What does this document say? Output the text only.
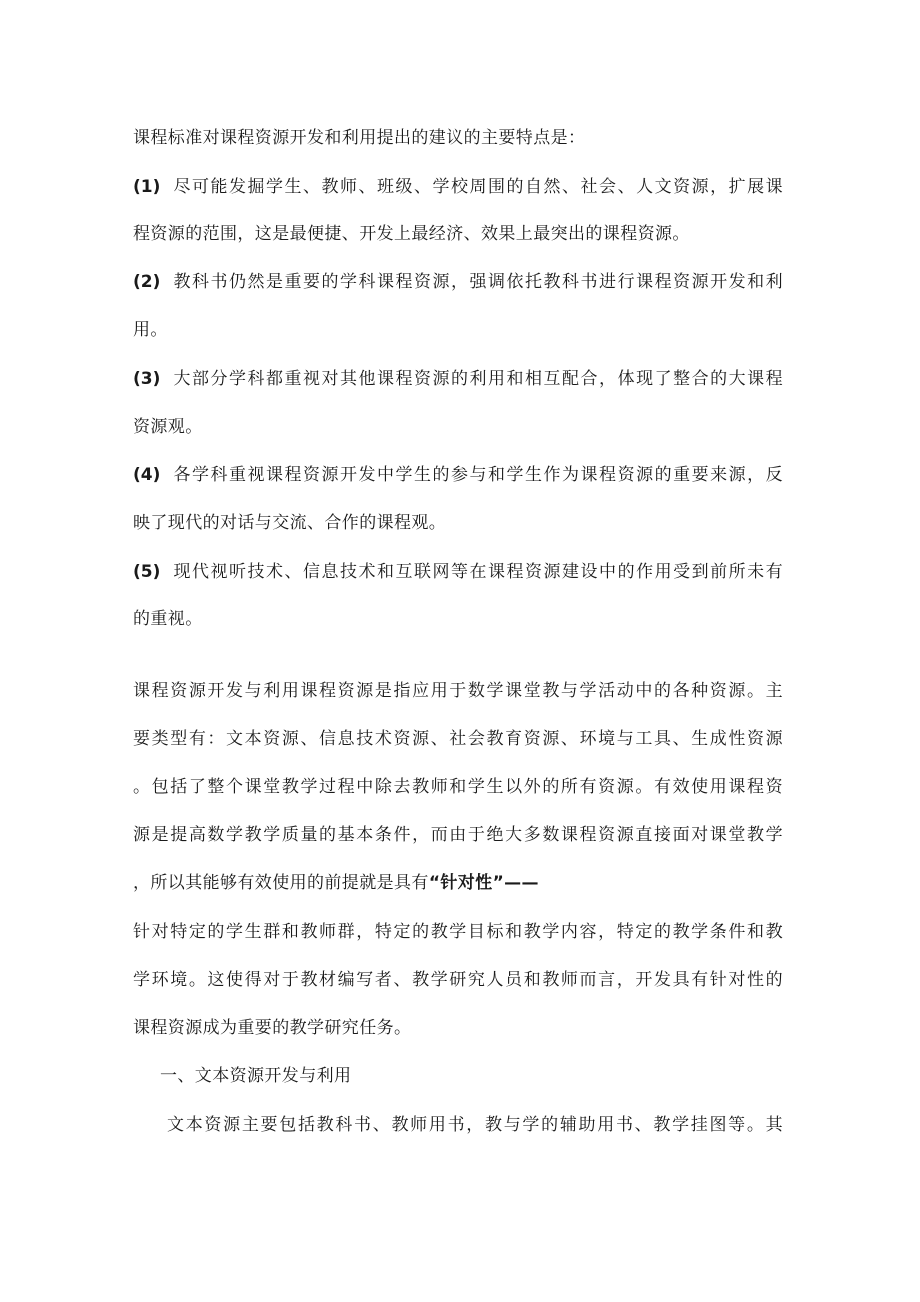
课程标准对课程资源开发和利用提出的建议的主要特点是：
(1) 尽可能发掘学生、教师、班级、学校周围的自然、社会、人文资源，扩展课
程资源的范围，这是最便捷、开发上最经济、效果上最突出的课程资源。
(2) 教科书仍然是重要的学科课程资源，强调依托教科书进行课程资源开发和利
用。
(3) 大部分学科都重视对其他课程资源的利用和相互配合，体现了整合的大课程
资源观。
(4) 各学科重视课程资源开发中学生的参与和学生作为课程资源的重要来源，反
映了现代的对话与交流、合作的课程观。
(5) 现代视听技术、信息技术和互联网等在课程资源建设中的作用受到前所未有
的重视。
课程资源开发与利用课程资源是指应用于数学课堂教与学活动中的各种资源。主
要类型有：文本资源、信息技术资源、社会教育资源、环境与工具、生成性资源
。包括了整个课堂教学过程中除去教师和学生以外的所有资源。有效使用课程资
源是提高数学教学质量的基本条件，而由于绝大多数课程资源直接面对课堂教学
，所以其能够有效使用的前提就是具有“针对性”——
针对特定的学生群和教师群，特定的教学目标和教学内容，特定的教学条件和教
学环境。这使得对于教材编写者、教学研究人员和教师而言，开发具有针对性的
课程资源成为重要的教学研究任务。
一、文本资源开发与利用
文本资源主要包括教科书、教师用书，教与学的辅助用书、教学挂图等。其
